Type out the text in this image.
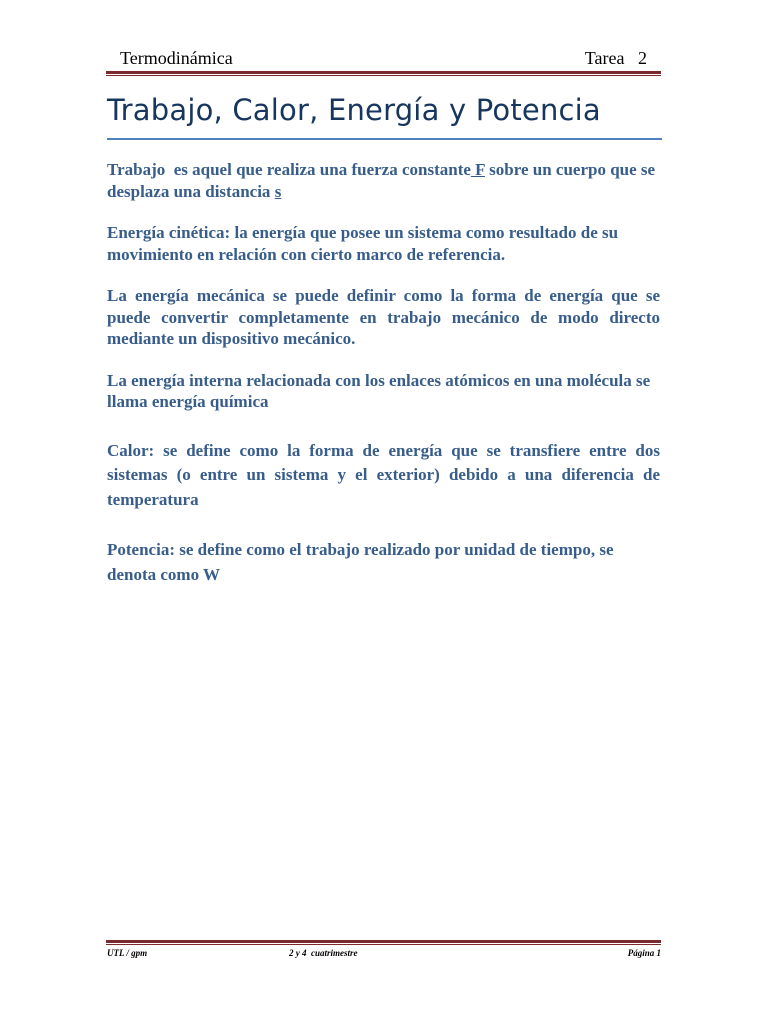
Termodinámica	Tarea   2
Trabajo, Calor, Energía y Potencia

Trabajo  es aquel que realiza una fuerza constante F sobre un cuerpo que se desplaza una distancia s

Energía cinética: la energía que posee un sistema como resultado de su movimiento en relación con cierto marco de referencia.

La energía mecánica se puede definir como la forma de energía que se puede convertir completamente en trabajo mecánico de modo directo mediante un dispositivo mecánico.

La energía interna relacionada con los enlaces atómicos en una molécula se llama energía química

Calor: se define como la forma de energía que se transfiere entre dos sistemas (o entre un sistema y el exterior) debido a una diferencia de temperatura

Potencia: se define como el trabajo realizado por unidad de tiempo, se denota como W

UTL / gpm	2 y 4  cuatrimestre	Página 1
